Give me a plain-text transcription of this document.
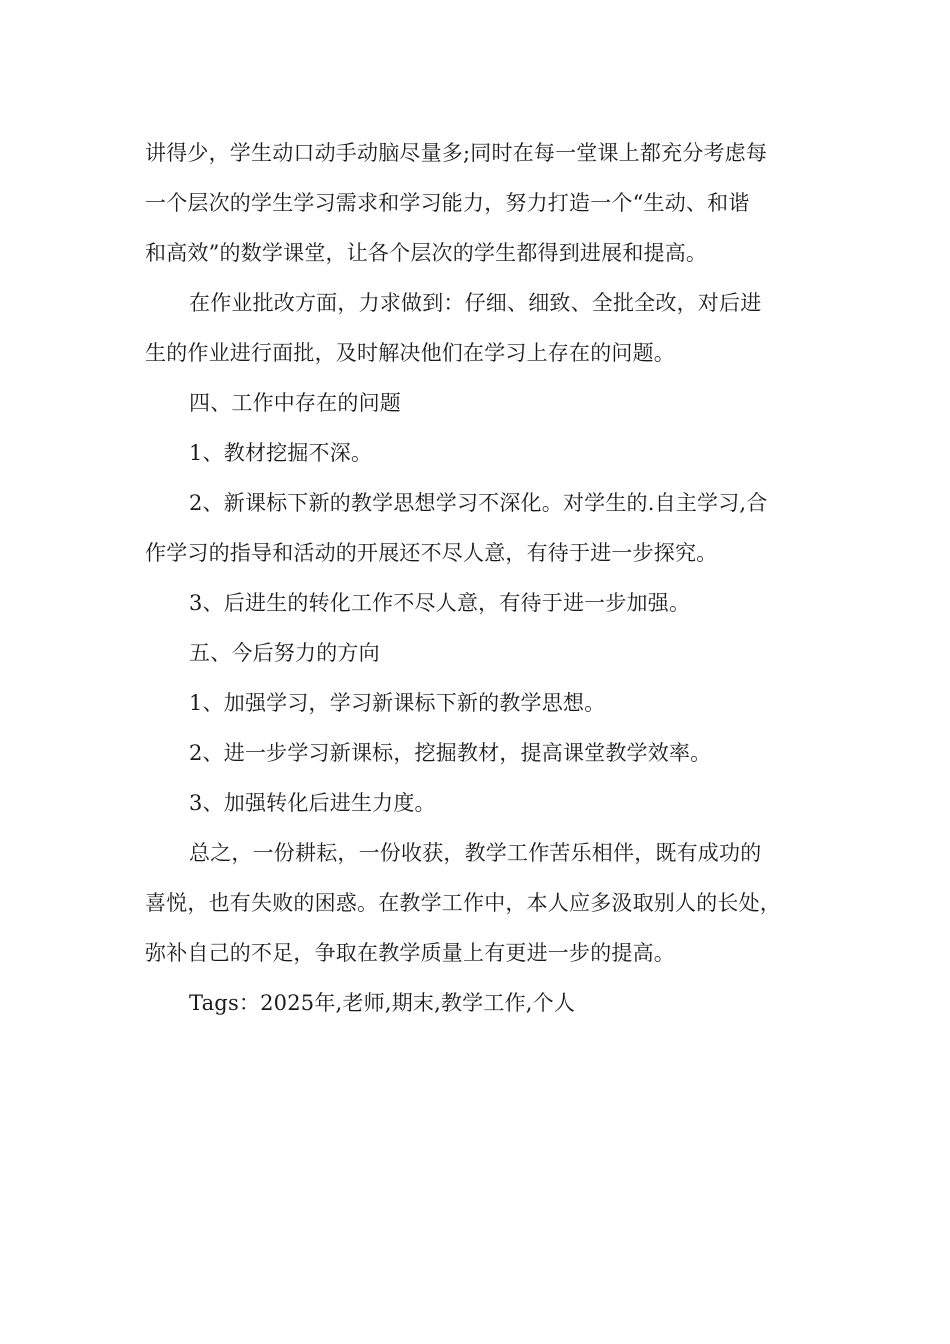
讲得少，学生动口动手动脑尽量多;同时在每一堂课上都充分考虑每
一个层次的学生学习需求和学习能力，努力打造一个“生动、和谐
和高效”的数学课堂，让各个层次的学生都得到进展和提高。
在作业批改方面，力求做到：仔细、细致、全批全改，对后进
生的作业进行面批，及时解决他们在学习上存在的问题。
四、工作中存在的问题
1、教材挖掘不深。
2、新课标下新的教学思想学习不深化。对学生的.自主学习,合
作学习的指导和活动的开展还不尽人意，有待于进一步探究。
3、后进生的转化工作不尽人意，有待于进一步加强。
五、今后努力的方向
1、加强学习，学习新课标下新的教学思想。
2、进一步学习新课标，挖掘教材，提高课堂教学效率。
3、加强转化后进生力度。
总之，一份耕耘，一份收获，教学工作苦乐相伴，既有成功的
喜悦，也有失败的困惑。在教学工作中，本人应多汲取别人的长处，
弥补自己的不足，争取在教学质量上有更进一步的提高。
Tags：2025年,老师,期末,教学工作,个人
